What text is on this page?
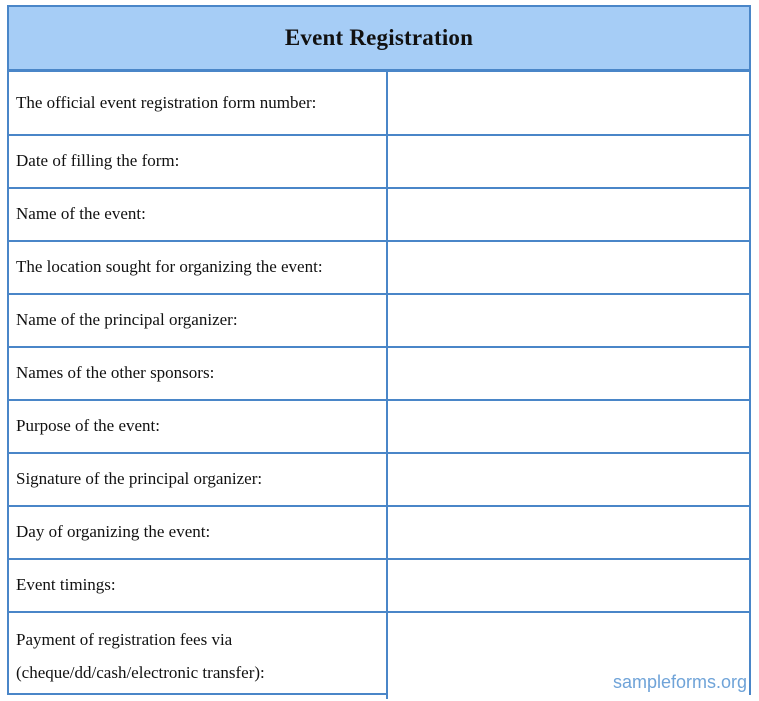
Event Registration
The official event registration form number:	

Date of filling the form:	

Name of the event:	

The location sought for organizing the event:	

Name of the principal organizer:	

Names of the other sponsors:	

Purpose of the event:	

Signature of the principal organizer:	

Day of organizing the event:	

Event timings:	

Payment of registration fees via
(cheque/dd/cash/electronic transfer):	
		sampleforms.org
